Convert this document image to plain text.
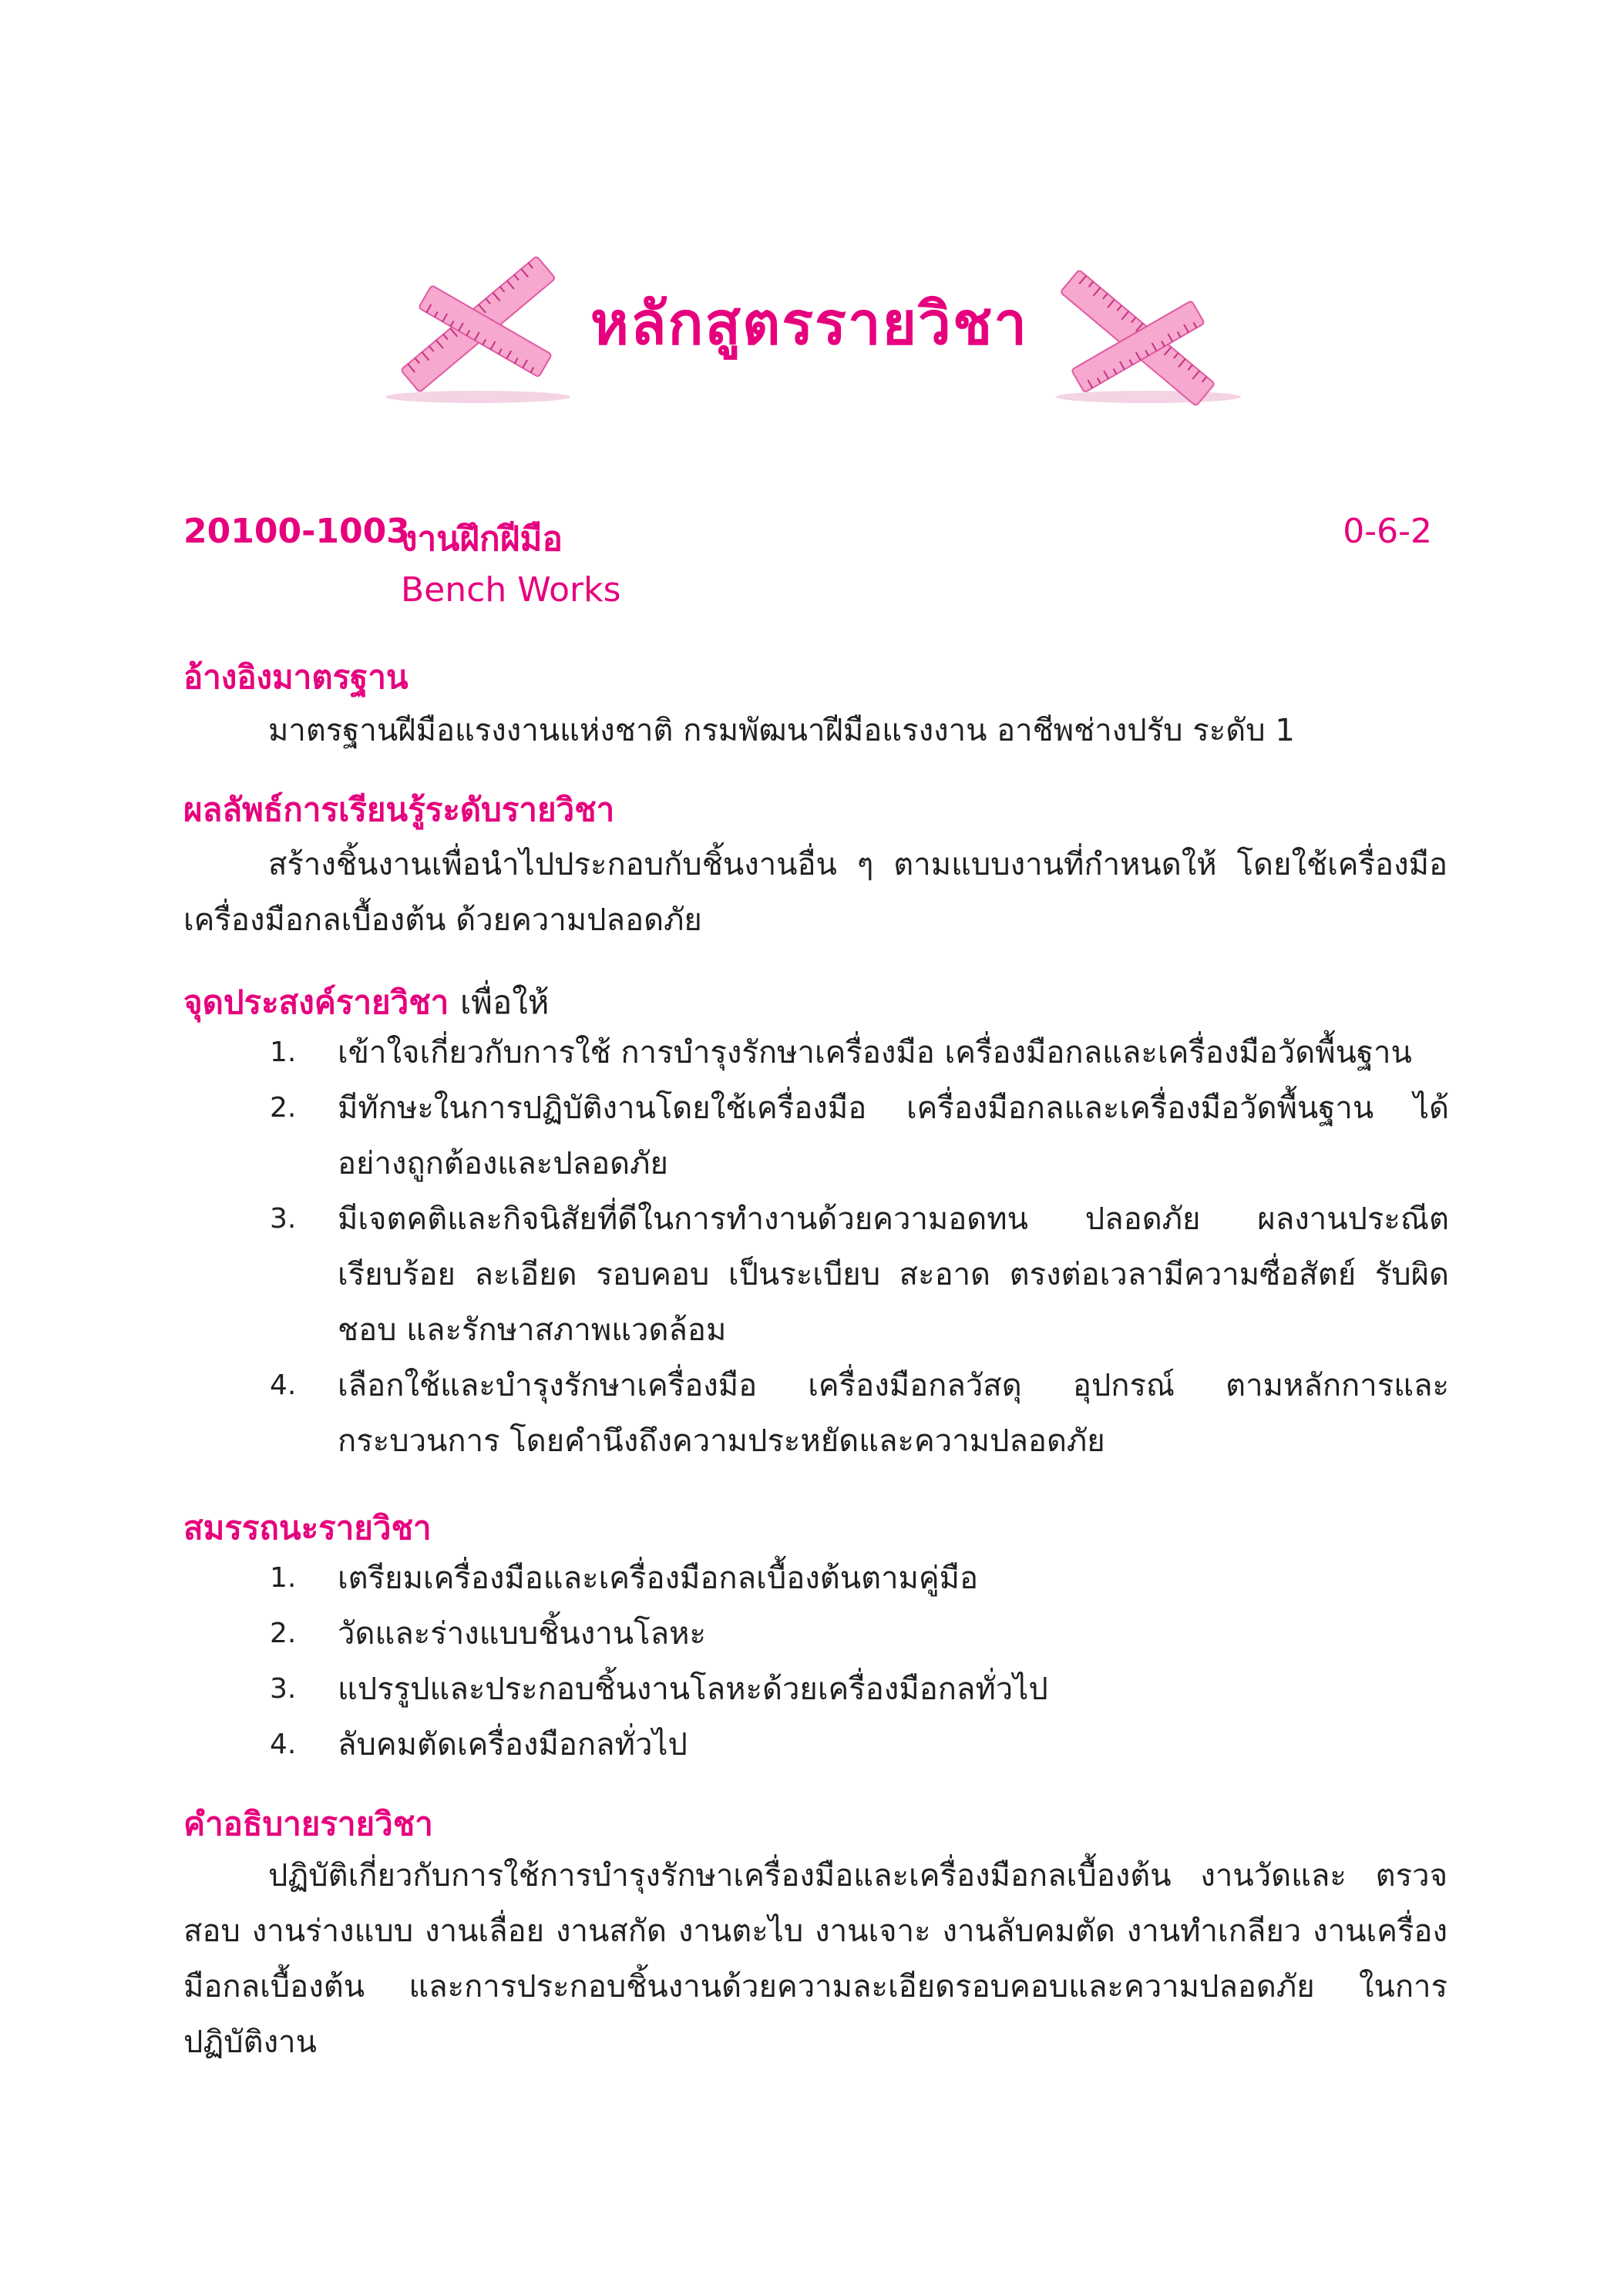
หลักสูตรรายวิชา
20100-1003
งานฝึกฝีมือ	0-6-2
Bench Works
อ้างอิงมาตรฐาน
มาตรฐานฝีมือแรงงานแห่งชาติ กรมพัฒนาฝีมือแรงงาน อาชีพช่างปรับ ระดับ 1
ผลลัพธ์การเรียนรู้ระดับรายวิชา
สร้างชิ้นงานเพื่อนำไปประกอบกับชิ้นงานอื่น ๆ ตามแบบงานที่กำหนดให้ โดยใช้เครื่องมือ เครื่องมือกลเบื้องต้น ด้วยความปลอดภัย
จุดประสงค์รายวิชา เพื่อให้
1.	เข้าใจเกี่ยวกับการใช้ การบำรุงรักษาเครื่องมือ เครื่องมือกลและเครื่องมือวัดพื้นฐาน
2.	มีทักษะในการปฏิบัติงานโดยใช้เครื่องมือ เครื่องมือกลและเครื่องมือวัดพื้นฐาน ได้อย่างถูกต้องและปลอดภัย
3.	มีเจตคติและกิจนิสัยที่ดีในการทำงานด้วยความอดทน ปลอดภัย ผลงานประณีต เรียบร้อย ละเอียด รอบคอบ เป็นระเบียบ สะอาด ตรงต่อเวลามีความซื่อสัตย์ รับผิดชอบ และรักษาสภาพแวดล้อม
4.	เลือกใช้และบำรุงรักษาเครื่องมือ เครื่องมือกลวัสดุ อุปกรณ์ ตามหลักการและ กระบวนการ โดยคำนึงถึงความประหยัดและความปลอดภัย
สมรรถนะรายวิชา
1.	เตรียมเครื่องมือและเครื่องมือกลเบื้องต้นตามคู่มือ
2.	วัดและร่างแบบชิ้นงานโลหะ
3.	แปรรูปและประกอบชิ้นงานโลหะด้วยเครื่องมือกลทั่วไป
4.	ลับคมตัดเครื่องมือกลทั่วไป
คำอธิบายรายวิชา
ปฏิบัติเกี่ยวกับการใช้การบำรุงรักษาเครื่องมือและเครื่องมือกลเบื้องต้น งานวัดและ ตรวจสอบ งานร่างแบบ งานเลื่อย งานสกัด งานตะไบ งานเจาะ งานลับคมตัด งานทำเกลียว งานเครื่องมือกลเบื้องต้น และการประกอบชิ้นงานด้วยความละเอียดรอบคอบและความปลอดภัย ในการปฏิบัติงาน
